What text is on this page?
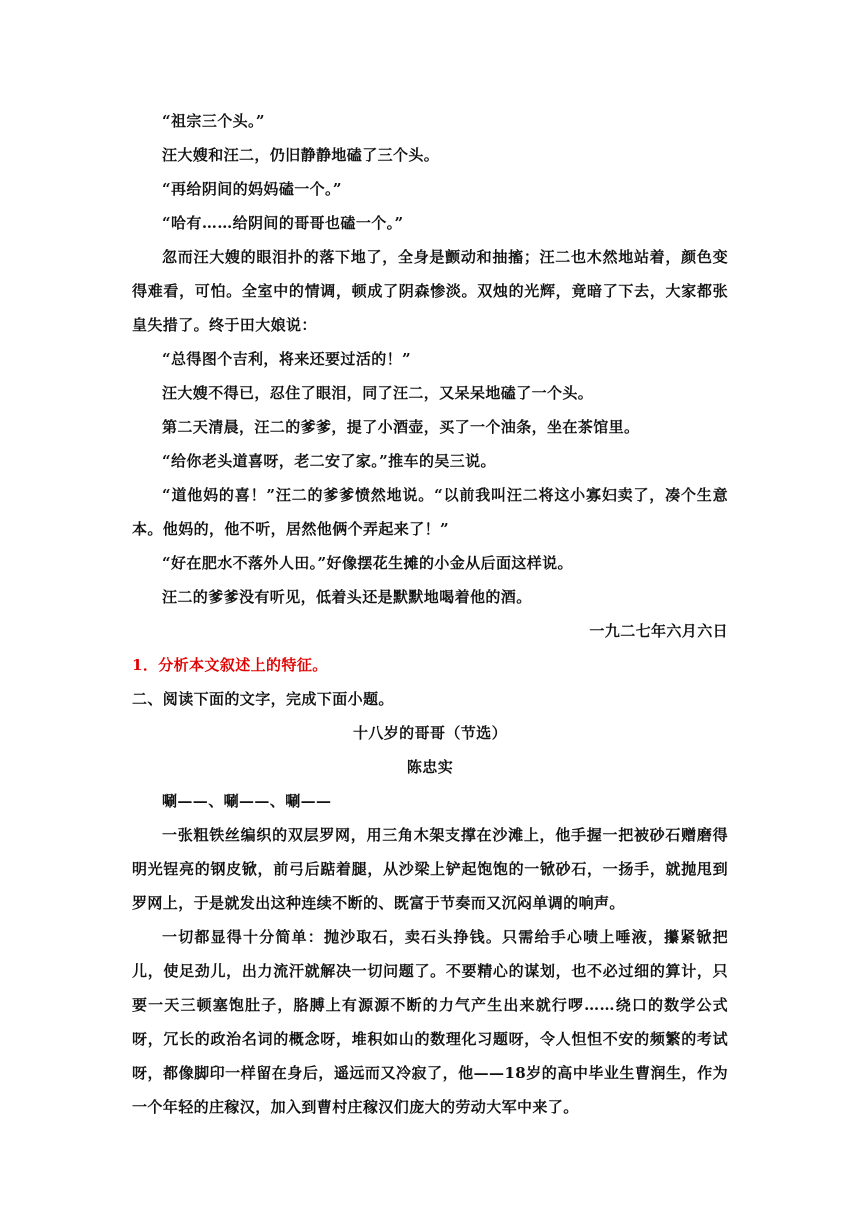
“祖宗三个头。”

汪大嫂和汪二，仍旧静静地磕了三个头。

“再给阴间的妈妈磕一个。”

“哈有……给阴间的哥哥也磕一个。”

忽而汪大嫂的眼泪扑的落下地了，全身是颤动和抽搐；汪二也木然地站着，颜色变得难看，可怕。全室中的情调，顿成了阴森惨淡。双烛的光辉，竟暗了下去，大家都张皇失措了。终于田大娘说：

“总得图个吉利，将来还要过活的！”

汪大嫂不得已，忍住了眼泪，同了汪二，又呆呆地磕了一个头。

第二天清晨，汪二的爹爹，提了小酒壶，买了一个油条，坐在茶馆里。

“给你老头道喜呀，老二安了家。”推车的吴三说。

“道他妈的喜！”汪二的爹爹愤然地说。“以前我叫汪二将这小寡妇卖了，凑个生意本。他妈的，他不听，居然他俩个弄起来了！”

“好在肥水不落外人田。”好像摆花生摊的小金从后面这样说。

汪二的爹爹没有听见，低着头还是默默地喝着他的酒。

一九二七年六月六日

1．分析本文叙述上的特征。

二、阅读下面的文字，完成下面小题。

十八岁的哥哥（节选）

陈忠实

唰——、唰——、唰——

一张粗铁丝编织的双层罗网，用三角木架支撑在沙滩上，他手握一把被砂石赠磨得明光锃亮的钢皮锨，前弓后踮着腿，从沙梁上铲起饱饱的一锨砂石，一扬手，就抛甩到罗网上，于是就发出这种连续不断的、既富于节奏而又沉闷单调的响声。

一切都显得十分简单：抛沙取石，卖石头挣钱。只需给手心啧上唾液，攥紧锨把儿，使足劲儿，出力流汗就解决一切问题了。不要精心的谋划，也不必过细的算计，只要一天三顿塞饱肚子，胳膊上有源源不断的力气产生出来就行啰……绕口的数学公式呀，冗长的政治名词的概念呀，堆积如山的数理化习题呀，令人怛怛不安的频繁的考试呀，都像脚印一样留在身后，遥远而又冷寂了，他——18岁的高中毕业生曹润生，作为一个年轻的庄稼汉，加入到曹村庄稼汉们庞大的劳动大军中来了。
